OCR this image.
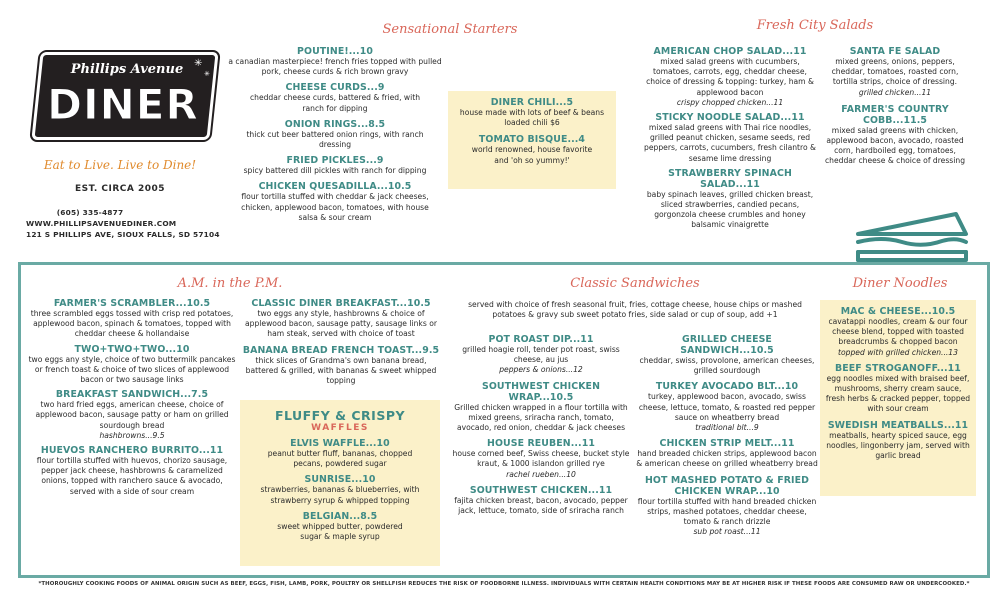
Phillips Avenue
DINER
✳
✳
Eat to Live. Live to Dine!
EST. CIRCA 2005
(605) 335-4877
WWW.PHILLIPSAVENUEDINER.COM
121 S PHILLIPS AVE, SIOUX FALLS, SD 57104
Sensational Starters
POUTINE!...10
a canadian masterpiece! french fries topped with pulled pork, cheese curds & rich brown gravy
CHEESE CURDS...9
cheddar cheese curds, battered & fried, with ranch for dipping
ONION RINGS...8.5
thick cut beer battered onion rings, with ranch dressing
FRIED PICKLES...9
spicy battered dill pickles with ranch for dipping
CHICKEN QUESADILLA...10.5
flour tortilla stuffed with cheddar & jack cheeses, chicken, applewood bacon, tomatoes, with house salsa & sour cream
DINER CHILI...5
house made with lots of beef & beans loaded chili $6
TOMATO BISQUE...4
world renowned, house favorite and 'oh so yummy!'
Fresh City Salads
AMERICAN CHOP SALAD...11
mixed salad greens with cucumbers, tomatoes, carrots, egg, cheddar cheese, choice of dressing & topping: turkey, ham & applewood bacon
crispy chopped chicken...11
STICKY NOODLE SALAD...11
mixed salad greens with Thai rice noodles, grilled peanut chicken, sesame seeds, red peppers, carrots, cucumbers, fresh cilantro & sesame lime dressing
STRAWBERRY SPINACH SALAD...11
baby spinach leaves, grilled chicken breast, sliced strawberries, candied pecans, gorgonzola cheese crumbles and honey balsamic vinaigrette
SANTA FE SALAD
mixed greens, onions, peppers, cheddar, tomatoes, roasted corn, tortilla strips, choice of dressing.
grilled chicken...11
FARMER'S COUNTRY COBB...11.5
mixed salad greens with chicken, applewood bacon, avocado, roasted corn, hardboiled egg, tomatoes, cheddar cheese & choice of dressing
A.M. in the P.M.
FARMER'S SCRAMBLER...10.5
three scrambled eggs tossed with crisp red potatoes, applewood bacon, spinach & tomatoes, topped with cheddar cheese & hollandaise
TWO+TWO+TWO...10
two eggs any style, choice of two buttermilk pancakes or french toast & choice of two slices of applewood bacon or two sausage links
BREAKFAST SANDWICH...7.5
two hard fried eggs, american cheese, choice of applewood bacon, sausage patty or ham on grilled sourdough bread
hashbrowns...9.5
HUEVOS RANCHERO BURRITO...11
flour tortilla stuffed with huevos, chorizo sausage, pepper jack cheese, hashbrowns & caramelized onions, topped with ranchero sauce & avocado, served with a side of sour cream
CLASSIC DINER BREAKFAST...10.5
two eggs any style, hashbrowns & choice of applewood bacon, sausage patty, sausage links or ham steak, served with choice of toast
BANANA BREAD FRENCH TOAST...9.5
thick slices of Grandma's own banana bread, battered & grilled, with bananas & sweet whipped topping
FLUFFY & CRISPY
WAFFLES
ELVIS WAFFLE...10
peanut butter fluff, bananas, chopped pecans, powdered sugar
SUNRISE...10
strawberries, bananas & blueberries, with strawberry syrup & whipped topping
BELGIAN...8.5
sweet whipped butter, powdered sugar & maple syrup
Classic Sandwiches
served with choice of fresh seasonal fruit, fries, cottage cheese, house chips or mashed potatoes & gravy sub sweet potato fries, side salad or cup of soup, add +1
POT ROAST DIP...11
grilled hoagie roll, tender pot roast, swiss cheese, au jus
peppers & onions...12
SOUTHWEST CHICKEN WRAP...10.5
Grilled chicken wrapped in a flour tortilla with mixed greens, sriracha ranch, tomato, avocado, red onion, cheddar & jack cheeses
HOUSE REUBEN...11
house corned beef, Swiss cheese, bucket style kraut, & 1000 islandon grilled rye
rachel rueben...10
SOUTHWEST CHICKEN...11
fajita chicken breast, bacon, avocado, pepper jack, lettuce, tomato, side of sriracha ranch
GRILLED CHEESE SANDWICH...10.5
cheddar, swiss, provolone, american cheeses, grilled sourdough
TURKEY AVOCADO BLT...10
turkey, applewood bacon, avocado, swiss cheese, lettuce, tomato, & roasted red pepper sauce on wheatberry bread
traditional blt...9
CHICKEN STRIP MELT...11
hand breaded chicken strips, applewood bacon & american cheese on grilled wheatberry bread
HOT MASHED POTATO & FRIED CHICKEN WRAP...10
flour tortilla stuffed with hand breaded chicken strips, mashed potatoes, cheddar cheese, tomato & ranch drizzle
sub pot roast...11
Diner Noodles
MAC & CHEESE...10.5
cavatappi noodles, cream & our four cheese blend, topped with toasted breadcrumbs & chopped bacon
topped with grilled chicken...13
BEEF STROGANOFF...11
egg noodles mixed with braised beef, mushrooms, sherry cream sauce, fresh herbs & cracked pepper, topped with sour cream
SWEDISH MEATBALLS...11
meatballs, hearty spiced sauce, egg noodles, lingonberry jam, served with garlic bread
*THOROUGHLY COOKING FOODS OF ANIMAL ORIGIN SUCH AS BEEF, EGGS, FISH, LAMB, PORK, POULTRY OR SHELLFISH REDUCES THE RISK OF FOODBORNE ILLNESS. INDIVIDUALS WITH CERTAIN HEALTH CONDITIONS MAY BE AT HIGHER RISK IF THESE FOODS ARE CONSUMED RAW OR UNDERCOOKED.*
